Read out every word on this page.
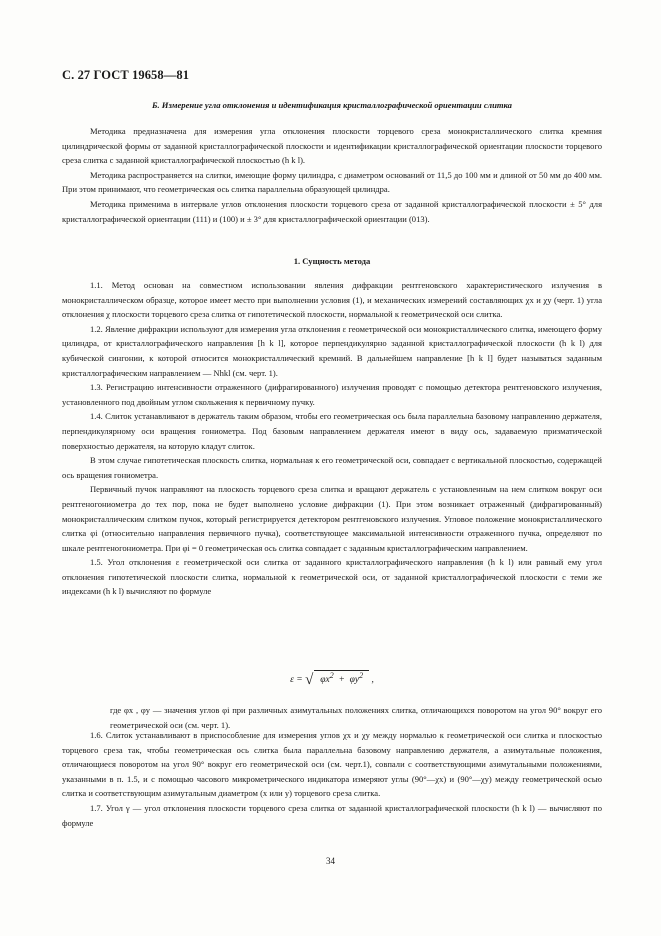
С. 27 ГОСТ 19658—81
Б. Измерение угла отклонения и идентификация кристаллографической ориентации слитка

Методика предназначена для измерения угла отклонения плоскости торцевого среза монокристаллического слитка кремния цилиндрической формы от заданной кристаллографической плоскости и идентификации кристаллографической ориентации плоскости торцевого среза слитка с заданной кристаллографической плоскостью (h k l).

Методика распространяется на слитки, имеющие форму цилиндра, с диаметром оснований от 11,5 до 100 мм и длиной от 50 мм до 400 мм. При этом принимают, что геометрическая ось слитка параллельна образующей цилиндра.

Методика применима в интервале углов отклонения плоскости торцевого среза от заданной кристаллографической плоскости ± 5° для кристаллографической ориентации (111) и (100) и ± 3° для кристаллографической ориентации (013).

1. Сущность метода

1.1. Метод основан на совместном использовании явления дифракции рентгеновского характеристического излучения в монокристаллическом образце, которое имеет место при выполнении условия (1), и механических измерений составляющих χx и χy (черт. 1) угла отклонения χ плоскости торцевого среза слитка от гипотетической плоскости, нормальной к геометрической оси слитка.

1.2. Явление дифракции используют для измерения угла отклонения ε геометрической оси монокристаллического слитка, имеющего форму цилиндра, от кристаллографического направления [h k l], которое перпендикулярно заданной кристаллографической плоскости (h k l) для кубической сингонии, к которой относится монокристаллический кремний. В дальнейшем направление [h k l] будет называться заданным кристаллографическим направлением — Nhkl (см. черт. 1).

1.3. Регистрацию интенсивности отраженного (дифрагированного) излучения проводят с помощью детектора рентгеновского излучения, установленного под двойным углом скольжения к первичному пучку.

1.4. Слиток устанавливают в держатель таким образом, чтобы его геометрическая ось была параллельна базовому направлению держателя, перпендикулярному оси вращения гониометра. Под базовым направлением держателя имеют в виду ось, задаваемую призматической поверхностью держателя, на которую кладут слиток.

В этом случае гипотетическая плоскость слитка, нормальная к его геометрической оси, совпадает с вертикальной плоскостью, содержащей ось вращения гониометра.

Первичный пучок направляют на плоскость торцевого среза слитка и вращают держатель с установленным на нем слитком вокруг оси рентгеногониометра до тех пор, пока не будет выполнено условие дифракции (1). При этом возникает отраженный (дифрагированный) монокристаллическим слитком пучок, который регистрируется детектором рентгеновского излучения. Угловое положение монокристаллического слитка φi (относительно направления первичного пучка), соответствующее максимальной интенсивности отраженного пучка, определяют по шкале рентгеногониометра. При φi = 0 геометрическая ось слитка совпадает с заданным кристаллографическим направлением.

1.5. Угол отклонения ε геометрической оси слитка от заданного кристаллографического направления (h k l) или равный ему угол отклонения гипотетической плоскости слитка, нормальной к геометрической оси, от заданной кристаллографической плоскости с теми же индексами (h k l) вычисляют по формуле

ε = √ $\varphi x^2 + \varphi y^2$ ,

где φx , φy — значения углов φi при различных азимутальных положениях слитка, отличающихся поворотом на угол 90° вокруг его геометрической оси (см. черт. 1).

1.6. Слиток устанавливают в приспособление для измерения углов χx и χy между нормалью к геометрической оси слитка и плоскостью торцевого среза так, чтобы геометрическая ось слитка была параллельна базовому направлению держателя, а азимутальные положения, отличающиеся поворотом на угол 90° вокруг его геометрической оси (см. черт.1), совпали с соответствующими азимутальными положениями, указанными в п. 1.5, и с помощью часового микрометрического индикатора измеряют углы (90°—χx) и (90°—χy) между геометрической осью слитка и соответствующим азимутальным диаметром (x или y) торцевого среза слитка.

1.7. Угол γ — угол отклонения плоскости торцевого среза слитка от заданной кристаллографической плоскости (h k l) — вычисляют по формуле

34
